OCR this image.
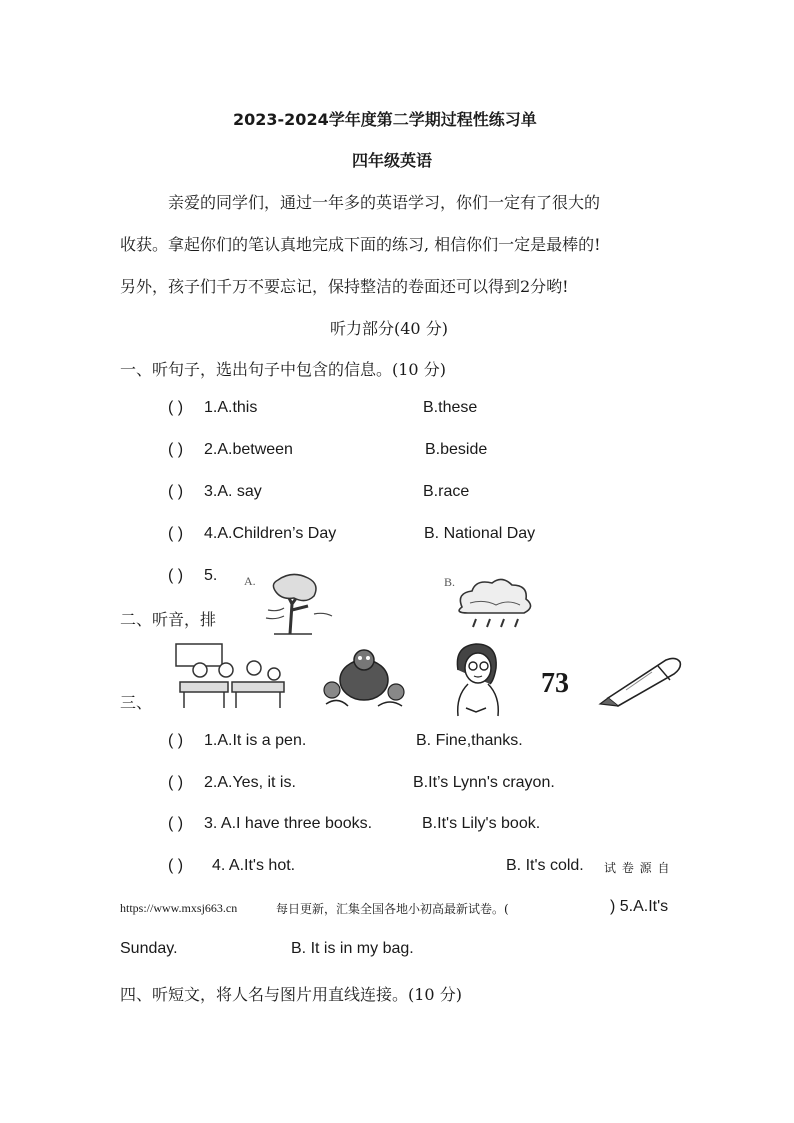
2023-2024学年度第二学期过程性练习单
四年级英语
亲爱的同学们，通过一年多的英语学习，你们一定有了很大的
收获。拿起你们的笔认真地完成下面的练习, 相信你们一定是最棒的!
另外，孩子们千万不要忘记，保持整洁的卷面还可以得到2分哟!
听力部分(40 分)
一、听句子，选出句子中包含的信息。(10 分)
( ) 1.A.this	B.these
( ) 2.A.between	B.beside
( ) 3.A. say	B.race
( ) 4.A.Children’s Day	B. National Day
( ) 5.
二、听音，排
A.	B.
三、
73
( ) 1.A.It is a pen.	B. Fine,thanks.
( ) 2.A.Yes, it is.	B.It’s Lynn's crayon.
( ) 3. A.I have three books.	B.It's Lily's book.
( ) 4. A.It's hot.	B. It's cold. 试 卷 源 自
https://www.mxsj663.cn	每日更新，汇集全国各地小初高最新试卷。(	) 5.A.It's
Sunday.	B. It is in my bag.
四、听短文，将人名与图片用直线连接。(10 分)
